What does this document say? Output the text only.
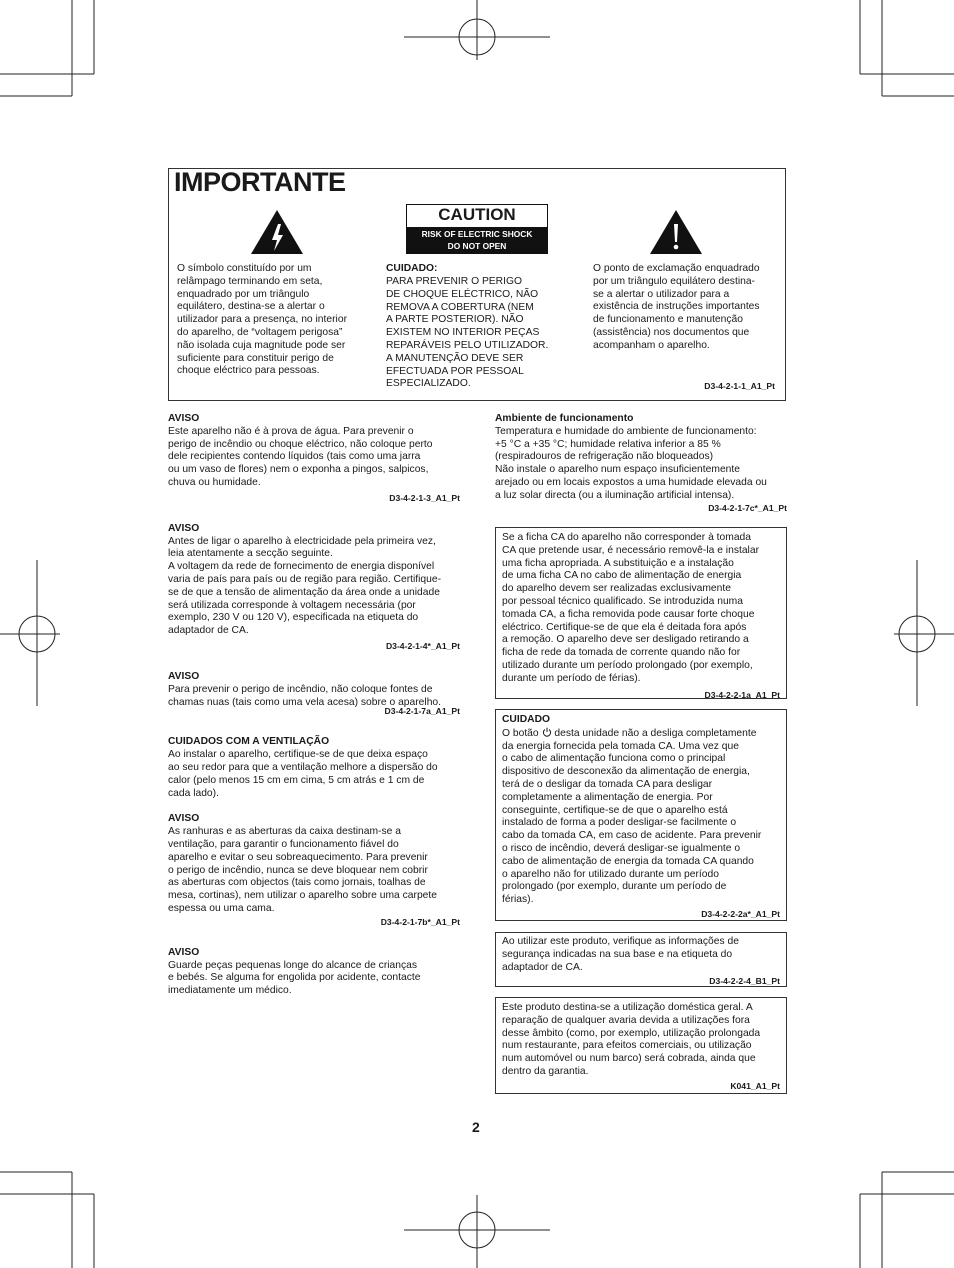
IMPORTANTE
CAUTION
RISK OF ELECTRIC SHOCK
DO NOT OPEN
O símbolo constituído por um
relâmpago terminando em seta,
enquadrado por um triângulo
equilátero, destina-se a alertar o
utilizador para a presença, no interior
do aparelho, de “voltagem perigosa”
não isolada cuja magnitude pode ser
suficiente para constituir perigo de
choque eléctrico para pessoas.
CUIDADO:
PARA PREVENIR O PERIGO
DE CHOQUE ELÉCTRICO, NÃO
REMOVA A COBERTURA (NEM
A PARTE POSTERIOR). NÃO
EXISTEM NO INTERIOR PEÇAS
REPARÁVEIS PELO UTILIZADOR.
A MANUTENÇÃO DEVE SER
EFECTUADA POR PESSOAL
ESPECIALIZADO.
O ponto de exclamação enquadrado
por um triângulo equilátero destina-
se a alertar o utilizador para a
existência de instruções importantes
de funcionamento e manutenção
(assistência) nos documentos que
acompanham o aparelho.
D3-4-2-1-1_A1_Pt
AVISO
Este aparelho não é à prova de água. Para prevenir o
perigo de incêndio ou choque eléctrico, não coloque perto
dele recipientes contendo líquidos (tais como uma jarra
ou um vaso de flores) nem o exponha a pingos, salpicos,
chuva ou humidade.
D3-4-2-1-3_A1_Pt
AVISO
Antes de ligar o aparelho à electricidade pela primeira vez,
leia atentamente a secção seguinte.
A voltagem da rede de fornecimento de energia disponível
varia de país para país ou de região para região. Certifique-
se de que a tensão de alimentação da área onde a unidade
será utilizada corresponde à voltagem necessária (por
exemplo, 230 V ou 120 V), especificada na etiqueta do
adaptador de CA.
D3-4-2-1-4*_A1_Pt
AVISO
Para prevenir o perigo de incêndio, não coloque fontes de
chamas nuas (tais como uma vela acesa) sobre o aparelho.
D3-4-2-1-7a_A1_Pt
CUIDADOS COM A VENTILAÇÃO
Ao instalar o aparelho, certifique-se de que deixa espaço
ao seu redor para que a ventilação melhore a dispersão do
calor (pelo menos 15 cm em cima, 5 cm atrás e 1 cm de
cada lado).
AVISO
As ranhuras e as aberturas da caixa destinam-se a
ventilação, para garantir o funcionamento fiável do
aparelho e evitar o seu sobreaquecimento. Para prevenir
o perigo de incêndio, nunca se deve bloquear nem cobrir
as aberturas com objectos (tais como jornais, toalhas de
mesa, cortinas), nem utilizar o aparelho sobre uma carpete
espessa ou uma cama.
D3-4-2-1-7b*_A1_Pt
AVISO
Guarde peças pequenas longe do alcance de crianças
e bebés. Se alguma for engolida por acidente, contacte
imediatamente um médico.
Ambiente de funcionamento
Temperatura e humidade do ambiente de funcionamento:
+5 °C a +35 °C; humidade relativa inferior a 85 %
(respiradouros de refrigeração não bloqueados)
Não instale o aparelho num espaço insuficientemente
arejado ou em locais expostos a uma humidade elevada ou
a luz solar directa (ou a iluminação artificial intensa).
D3-4-2-1-7c*_A1_Pt
Se a ficha CA do aparelho não corresponder à tomada
CA que pretende usar, é necessário removê-la e instalar
uma ficha apropriada. A substituição e a instalação
de uma ficha CA no cabo de alimentação de energia
do aparelho devem ser realizadas exclusivamente
por pessoal técnico qualificado. Se introduzida numa
tomada CA, a ficha removida pode causar forte choque
eléctrico. Certifique-se de que ela é deitada fora após
a remoção. O aparelho deve ser desligado retirando a
ficha de rede da tomada de corrente quando não for
utilizado durante um período prolongado (por exemplo,
durante um período de férias).
D3-4-2-2-1a_A1_Pt
CUIDADO
O botão  desta unidade não a desliga completamente
da energia fornecida pela tomada CA. Uma vez que
o cabo de alimentação funciona como o principal
dispositivo de desconexão da alimentação de energia,
terá de o desligar da tomada CA para desligar
completamente a alimentação de energia. Por
conseguinte, certifique-se de que o aparelho está
instalado de forma a poder desligar-se facilmente o
cabo da tomada CA, em caso de acidente. Para prevenir
o risco de incêndio, deverá desligar-se igualmente o
cabo de alimentação de energia da tomada CA quando
o aparelho não for utilizado durante um período
prolongado (por exemplo, durante um período de
férias).
D3-4-2-2-2a*_A1_Pt
Ao utilizar este produto, verifique as informações de
segurança indicadas na sua base e na etiqueta do
adaptador de CA.
D3-4-2-2-4_B1_Pt
Este produto destina-se a utilização doméstica geral. A
reparação de qualquer avaria devida a utilizações fora
desse âmbito (como, por exemplo, utilização prolongada
num restaurante, para efeitos comerciais, ou utilização
num automóvel ou num barco) será cobrada, ainda que
dentro da garantia.
K041_A1_Pt
2
